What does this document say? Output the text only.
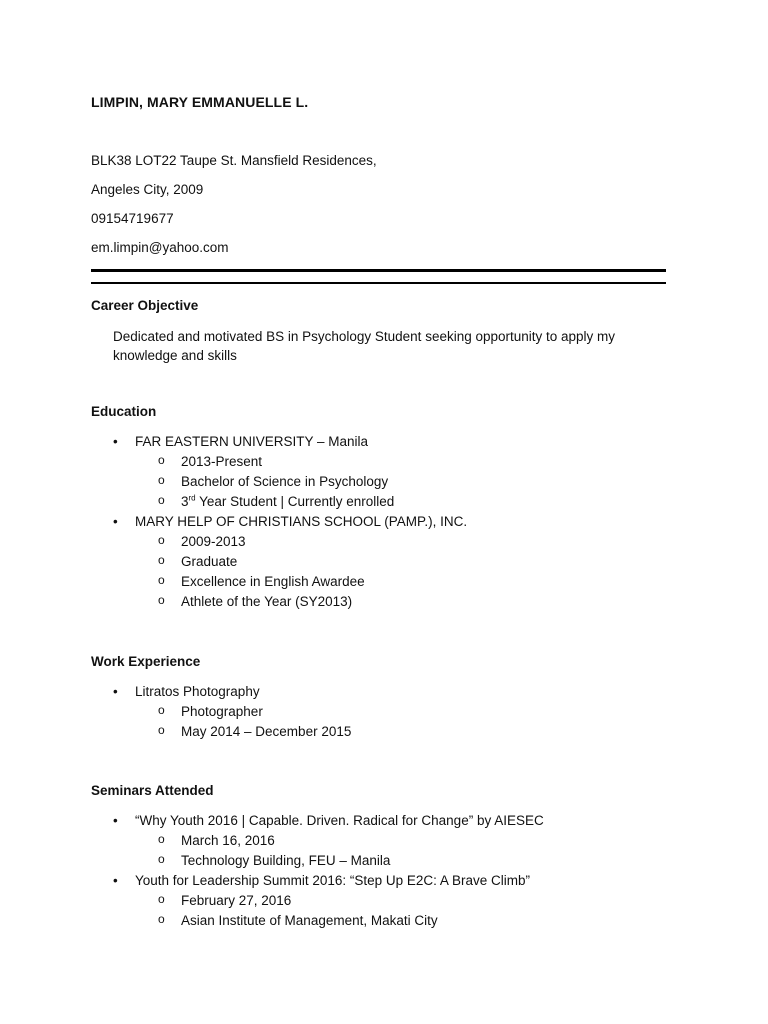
LIMPIN, MARY EMMANUELLE L.
BLK38 LOT22 Taupe St. Mansfield Residences,
Angeles City, 2009
09154719677
em.limpin@yahoo.com
Career Objective
Dedicated and motivated BS in Psychology Student seeking opportunity to apply my knowledge and skills
Education
• FAR EASTERN UNIVERSITY – Manila
o 2013-Present
o Bachelor of Science in Psychology
o 3rd Year Student | Currently enrolled
• MARY HELP OF CHRISTIANS SCHOOL (PAMP.), INC.
o 2009-2013
o Graduate
o Excellence in English Awardee
o Athlete of the Year (SY2013)
Work Experience
• Litratos Photography
o Photographer
o May 2014 – December 2015
Seminars Attended
• “Why Youth 2016 | Capable. Driven. Radical for Change” by AIESEC
o March 16, 2016
o Technology Building, FEU – Manila
• Youth for Leadership Summit 2016: “Step Up E2C: A Brave Climb”
o February 27, 2016
o Asian Institute of Management, Makati City
